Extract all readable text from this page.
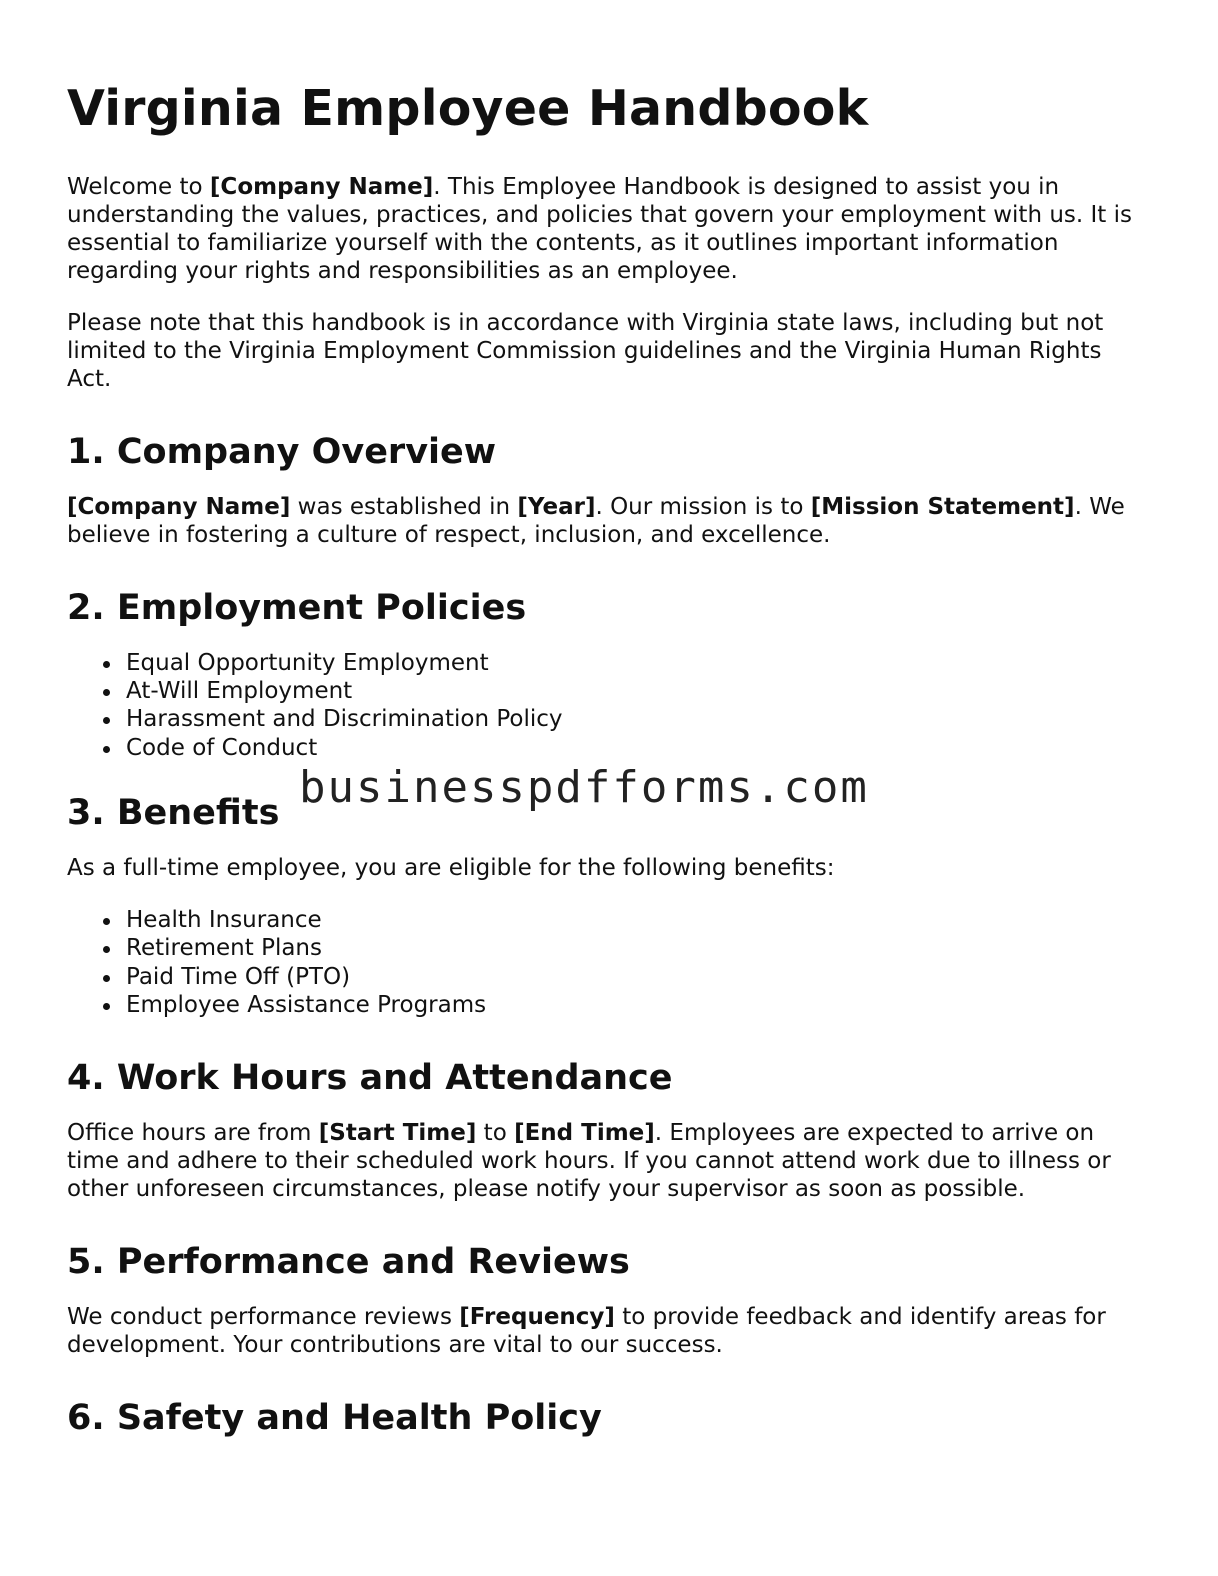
Virginia Employee Handbook

Welcome to [Company Name]. This Employee Handbook is designed to assist you in understanding the values, practices, and policies that govern your employment with us. It is essential to familiarize yourself with the contents, as it outlines important information regarding your rights and responsibilities as an employee.

Please note that this handbook is in accordance with Virginia state laws, including but not limited to the Virginia Employment Commission guidelines and the Virginia Human Rights Act.

1. Company Overview

[Company Name] was established in [Year]. Our mission is to [Mission Statement]. We believe in fostering a culture of respect, inclusion, and excellence.

2. Employment Policies
Equal Opportunity Employment
At-Will Employment
Harassment and Discrimination Policy
Code of Conduct
3. Benefits

As a full-time employee, you are eligible for the following benefits:

Health Insurance
Retirement Plans
Paid Time Off (PTO)
Employee Assistance Programs
4. Work Hours and Attendance

Office hours are from [Start Time] to [End Time]. Employees are expected to arrive on time and adhere to their scheduled work hours. If you cannot attend work due to illness or other unforeseen circumstances, please notify your supervisor as soon as possible.

5. Performance and Reviews

We conduct performance reviews [Frequency] to provide feedback and identify areas for development. Your contributions are vital to our success.

6. Safety and Health Policy
businesspdfforms.com
